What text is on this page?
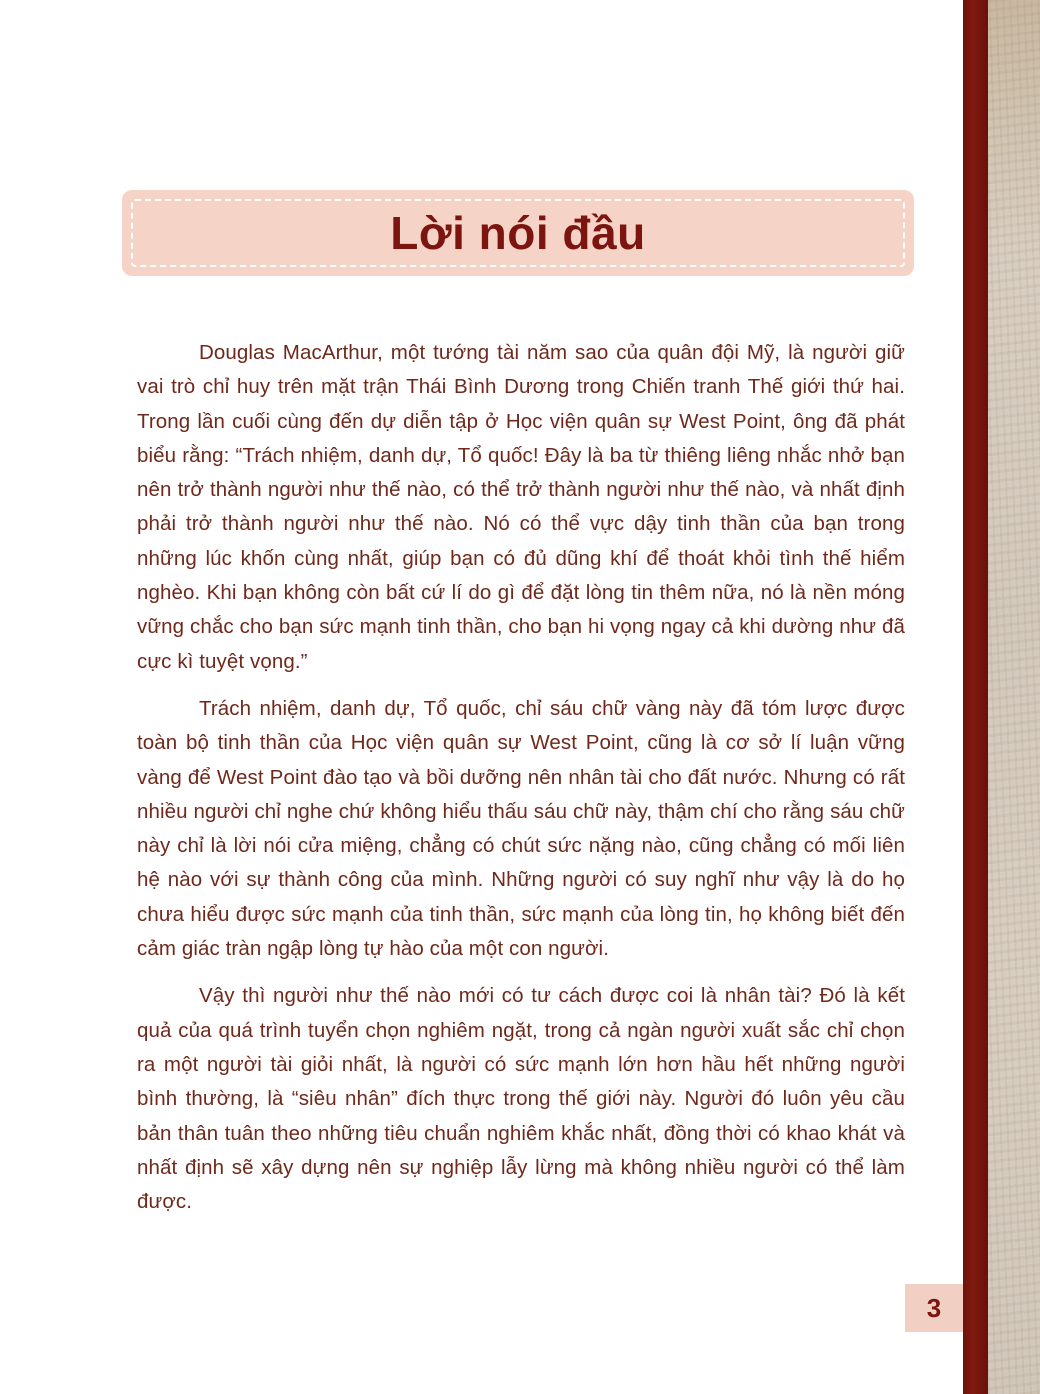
Lời nói đầu

Douglas MacArthur, một tướng tài năm sao của quân đội Mỹ, là người giữ vai trò chỉ huy trên mặt trận Thái Bình Dương trong Chiến tranh Thế giới thứ hai. Trong lần cuối cùng đến dự diễn tập ở Học viện quân sự West Point, ông đã phát biểu rằng: “Trách nhiệm, danh dự, Tổ quốc! Đây là ba từ thiêng liêng nhắc nhở bạn nên trở thành người như thế nào, có thể trở thành người như thế nào, và nhất định phải trở thành người như thế nào. Nó có thể vực dậy tinh thần của bạn trong những lúc khốn cùng nhất, giúp bạn có đủ dũng khí để thoát khỏi tình thế hiểm nghèo. Khi bạn không còn bất cứ lí do gì để đặt lòng tin thêm nữa, nó là nền móng vững chắc cho bạn sức mạnh tinh thần, cho bạn hi vọng ngay cả khi dường như đã cực kì tuyệt vọng.”

Trách nhiệm, danh dự, Tổ quốc, chỉ sáu chữ vàng này đã tóm lược được toàn bộ tinh thần của Học viện quân sự West Point, cũng là cơ sở lí luận vững vàng để West Point đào tạo và bồi dưỡng nên nhân tài cho đất nước. Nhưng có rất nhiều người chỉ nghe chứ không hiểu thấu sáu chữ này, thậm chí cho rằng sáu chữ này chỉ là lời nói cửa miệng, chẳng có chút sức nặng nào, cũng chẳng có mối liên hệ nào với sự thành công của mình. Những người có suy nghĩ như vậy là do họ chưa hiểu được sức mạnh của tinh thần, sức mạnh của lòng tin, họ không biết đến cảm giác tràn ngập lòng tự hào của một con người.

Vậy thì người như thế nào mới có tư cách được coi là nhân tài? Đó là kết quả của quá trình tuyển chọn nghiêm ngặt, trong cả ngàn người xuất sắc chỉ chọn ra một người tài giỏi nhất, là người có sức mạnh lớn hơn hầu hết những người bình thường, là “siêu nhân” đích thực trong thế giới này. Người đó luôn yêu cầu bản thân tuân theo những tiêu chuẩn nghiêm khắc nhất, đồng thời có khao khát và nhất định sẽ xây dựng nên sự nghiệp lẫy lừng mà không nhiều người có thể làm được.

3
